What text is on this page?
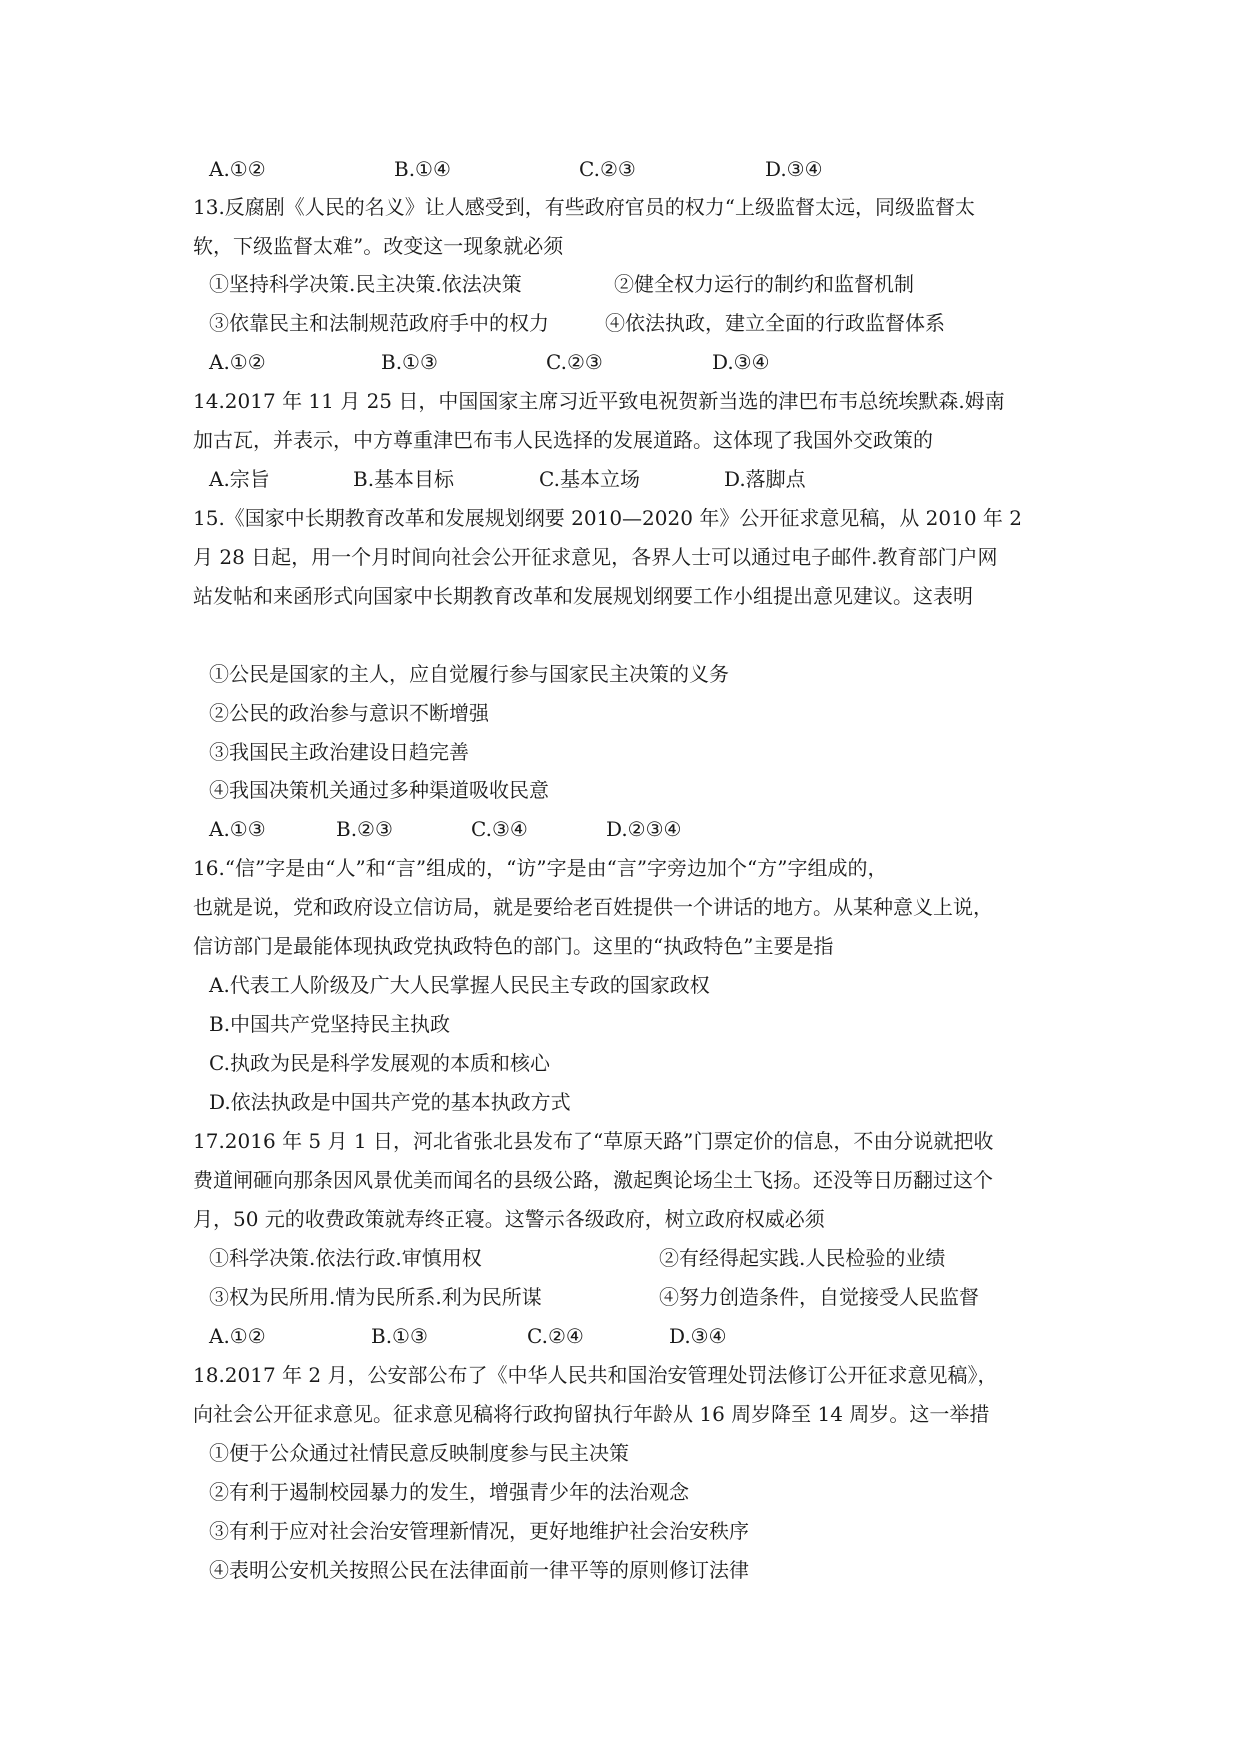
A.①②	B.①④	C.②③	D.③④
13.反腐剧《人民的名义》让人感受到，有些政府官员的权力“上级监督太远，同级监督太
软，下级监督太难”。改变这一现象就必须
①坚持科学决策.民主决策.依法决策	②健全权力运行的制约和监督机制
③依靠民主和法制规范政府手中的权力	④依法执政，建立全面的行政监督体系
A.①②	B.①③	C.②③	D.③④
14.2017 年 11 月 25 日，中国国家主席习近平致电祝贺新当选的津巴布韦总统埃默森.姆南
加古瓦，并表示，中方尊重津巴布韦人民选择的发展道路。这体现了我国外交政策的
A.宗旨	B.基本目标	C.基本立场	D.落脚点
15.《国家中长期教育改革和发展规划纲要 2010—2020 年》公开征求意见稿，从 2010 年 2
月 28 日起，用一个月时间向社会公开征求意见，各界人士可以通过电子邮件.教育部门户网
站发帖和来函形式向国家中长期教育改革和发展规划纲要工作小组提出意见建议。这表明
①公民是国家的主人，应自觉履行参与国家民主决策的义务
②公民的政治参与意识不断增强
③我国民主政治建设日趋完善
④我国决策机关通过多种渠道吸收民意
A.①③	B.②③	C.③④	D.②③④
16.“信”字是由“人”和“言”组成的，“访”字是由“言”字旁边加个“方”字组成的，
也就是说，党和政府设立信访局，就是要给老百姓提供一个讲话的地方。从某种意义上说，
信访部门是最能体现执政党执政特色的部门。这里的“执政特色”主要是指
A.代表工人阶级及广大人民掌握人民民主专政的国家政权
B.中国共产党坚持民主执政
C.执政为民是科学发展观的本质和核心
D.依法执政是中国共产党的基本执政方式
17.2016 年 5 月 1 日，河北省张北县发布了“草原天路”门票定价的信息，不由分说就把收
费道闸砸向那条因风景优美而闻名的县级公路，激起舆论场尘土飞扬。还没等日历翻过这个
月，50 元的收费政策就寿终正寝。这警示各级政府，树立政府权威必须
①科学决策.依法行政.审慎用权	②有经得起实践.人民检验的业绩
③权为民所用.情为民所系.利为民所谋	④努力创造条件，自觉接受人民监督
A.①②	B.①③	C.②④	D.③④
18.2017 年 2 月，公安部公布了《中华人民共和国治安管理处罚法修订公开征求意见稿》，
向社会公开征求意见。征求意见稿将行政拘留执行年龄从 16 周岁降至 14 周岁。这一举措
①便于公众通过社情民意反映制度参与民主决策
②有利于遏制校园暴力的发生，增强青少年的法治观念
③有利于应对社会治安管理新情况，更好地维护社会治安秩序
④表明公安机关按照公民在法律面前一律平等的原则修订法律
